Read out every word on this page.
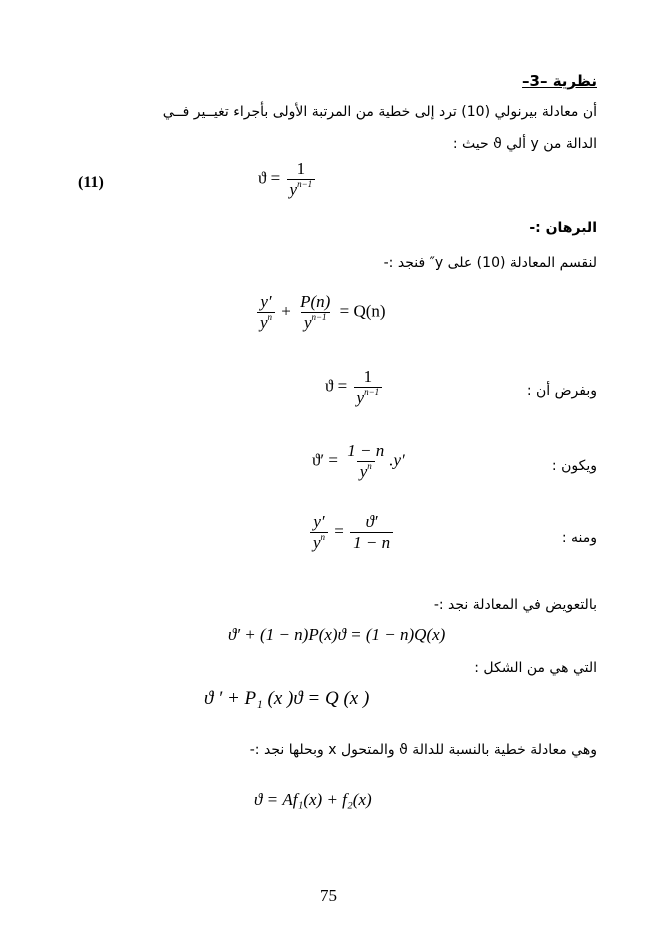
نظرية –3–
أن معادلة بيرنولي (10) ترد إلى خطية من المرتبة الأولى بأجراء تغيــير فــي
الدالة من y ألي ϑ حيث :
$ϑ = \frac{1}{y^{n-1}}$
(11)
البرهان :-
لنقسم المعادلة (10) على y″ فنجد :-
$\frac{y'}{y^n} + \frac{P(n)}{y^{n-1}} = Q(n)$
وبفرض أن :
$ϑ = \frac{1}{y^{n-1}}$
ويكون :
$ϑ' = \frac{1 - n}{y^n} .y'$
ومنه :
$\frac{y'}{y^n} = \frac{ϑ'}{1 - n}$
بالتعويض في المعادلة نجد :-
ϑ′ + (1 − n)P(x)ϑ = (1 − n)Q(x)
التي هي من الشكل :
ϑ ′ + P₁ (x )ϑ = Q (x )
وهي معادلة خطية بالنسبة للدالة ϑ والمتحول x وبحلها نجد :-
ϑ = Af₁(x) + f₂(x)
75
